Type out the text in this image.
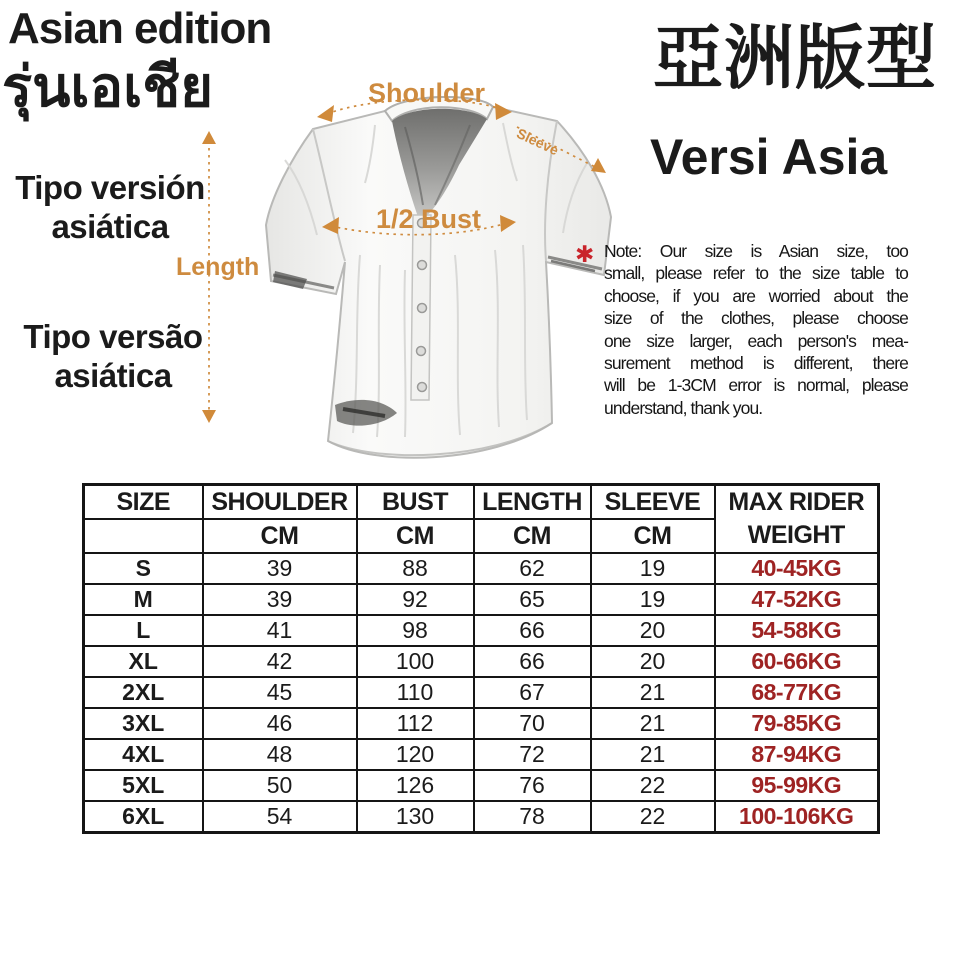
Asian edition
รุ่นเอเชีย
Tipo versión
asiática
Tipo versão
asiática
亞洲版型
Versi Asia
Shoulder
1/2 Bust
Length
Sleeve
✱ Note: Our size is Asian size, too
small, please refer to the size table to
choose, if you are worried about the
size of the clothes, please choose
one size larger, each person's mea-
surement method is different, there
will be 1-3CM error is normal, please
understand, thank you.
SIZE	SHOULDER	BUST	LENGTH	SLEEVE	MAX RIDER
WEIGHT

	CM	CM	CM	CM	
S	39	88	62	19	40-45KG
M	39	92	65	19	47-52KG
L	41	98	66	20	54-58KG
XL	42	100	66	20	60-66KG
2XL	45	110	67	21	68-77KG
3XL	46	112	70	21	79-85KG
4XL	48	120	72	21	87-94KG
5XL	50	126	76	22	95-99KG
6XL	54	130	78	22	100-106KG
